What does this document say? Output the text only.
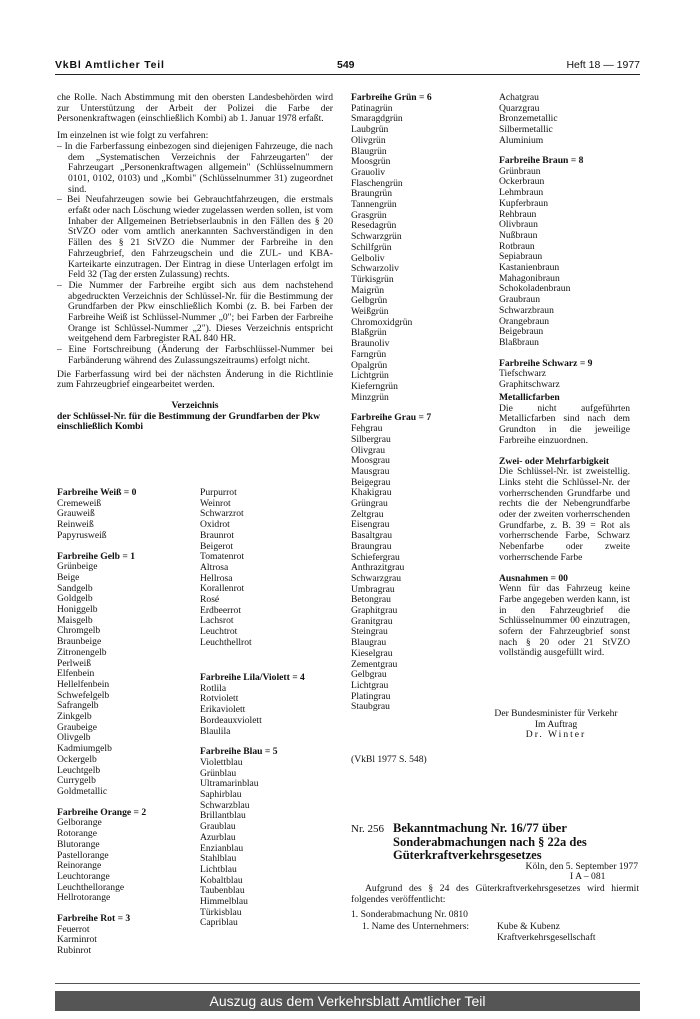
VkBl Amtlicher Teil	549	Heft 18 — 1977

che Rolle. Nach Abstimmung mit den obersten Landesbehörden wird zur Unterstützung der Arbeit der Polizei die Farbe der Personenkraftwagen (einschließlich Kombi) ab 1. Januar 1978 erfaßt.

Im einzelnen ist wie folgt zu verfahren:

– In die Farberfassung einbezogen sind diejenigen Fahrzeuge, die nach dem „Systematischen Verzeichnis der Fahrzeugarten" der Fahrzeugart „Personenkraftwagen allgemein" (Schlüsselnummern 0101, 0102, 0103) und „Kombi" (Schlüsselnummer 31) zugeordnet sind.

– Bei Neufahrzeugen sowie bei Gebrauchtfahrzeugen, die erstmals erfaßt oder nach Löschung wieder zugelassen werden sollen, ist vom Inhaber der Allgemeinen Betriebserlaubnis in den Fällen des § 20 StVZO oder vom amtlich anerkannten Sachverständigen in den Fällen des § 21 StVZO die Nummer der Farbreihe in den Fahrzeugbrief, den Fahrzeugschein und die ZUL- und KBA-Karteikarte einzutragen. Der Eintrag in diese Unterlagen erfolgt im Feld 32 (Tag der ersten Zulassung) rechts.

– Die Nummer der Farbreihe ergibt sich aus dem nachstehend abgedruckten Verzeichnis der Schlüssel-Nr. für die Bestimmung der Grundfarben der Pkw einschließlich Kombi (z. B. bei Farben der Farbreihe Weiß ist Schlüssel-Nummer „0"; bei Farben der Farbreihe Orange ist Schlüssel-Nummer „2"). Dieses Verzeichnis entspricht weitgehend dem Farbregister RAL 840 HR.

– Eine Fortschreibung (Änderung der Farbschlüssel-Nummer bei Farbänderung während des Zulassungszeitraums) erfolgt nicht.

Die Farberfassung wird bei der nächsten Änderung in die Richtlinie zum Fahrzeugbrief eingearbeitet werden.

Verzeichnis

der Schlüssel-Nr. für die Bestimmung der Grundfarben der Pkw einschließlich Kombi

Farbreihe Weiß = 0
Cremeweiß
Grauweiß
Reinweiß
Papyrusweiß
Farbreihe Gelb = 1
Grünbeige
Beige
Sandgelb
Goldgelb
Honiggelb
Maisgelb
Chromgelb
Braunbeige
Zitronengelb
Perlweiß
Elfenbein
Hellelfenbein
Schwefelgelb
Safrangelb
Zinkgelb
Graubeige
Olivgelb
Kadmiumgelb
Ockergelb
Leuchtgelb
Currygelb
Goldmetallic
Farbreihe Orange = 2
Gelborange
Rotorange
Blutorange
Pastellorange
Reinorange
Leuchtorange
Leuchthellorange
Hellrotorange
Farbreihe Rot = 3
Feuerrot
Karminrot
Rubinrot
Purpurrot
Weinrot
Schwarzrot
Oxidrot
Braunrot
Beigerot
Tomatenrot
Altrosa
Hellrosa
Korallenrot
Rosé
Erdbeerrot
Lachsrot
Leuchtrot
Leuchthellrot
Farbreihe Lila/Violett = 4
Rotlila
Rotviolett
Erikaviolett
Bordeauxviolett
Blaulila
Farbreihe Blau = 5
Violettblau
Grünblau
Ultramarinblau
Saphirblau
Schwarzblau
Brillantblau
Graublau
Azurblau
Enzianblau
Stahlblau
Lichtblau
Kobaltblau
Taubenblau
Himmelblau
Türkisblau
Capriblau
Farbreihe Grün = 6
Patinagrün
Smaragdgrün
Laubgrün
Olivgrün
Blaugrün
Moosgrün
Grauoliv
Flaschengrün
Braungrün
Tannengrün
Grasgrün
Resedagrün
Schwarzgrün
Schilfgrün
Gelboliv
Schwarzoliv
Türkisgrün
Maigrün
Gelbgrün
Weißgrün
Chromoxidgrün
Blaßgrün
Braunoliv
Farngrün
Opalgrün
Lichtgrün
Kieferngrün
Minzgrün
Farbreihe Grau = 7
Fehgrau
Silbergrau
Olivgrau
Moosgrau
Mausgrau
Beigegrau
Khakigrau
Grüngrau
Zeltgrau
Eisengrau
Basaltgrau
Braungrau
Schiefergrau
Anthrazitgrau
Schwarzgrau
Umbragrau
Betongrau
Graphitgrau
Granitgrau
Steingrau
Blaugrau
Kieselgrau
Zementgrau
Gelbgrau
Lichtgrau
Platingrau
Staubgrau
Achatgrau
Quarzgrau
Bronzemetallic
Silbermetallic
Aluminium
Farbreihe Braun = 8
Grünbraun
Ockerbraun
Lehmbraun
Kupferbraun
Rehbraun
Olivbraun
Nußbraun
Rotbraun
Sepiabraun
Kastanienbraun
Mahagonibraun
Schokoladenbraun
Graubraun
Schwarzbraun
Orangebraun
Beigebraun
Blaßbraun
Farbreihe Schwarz = 9
Tiefschwarz
Graphitschwarz
Metallicfarben
Die nicht aufgeführten Metallicfarben sind nach dem Grundton in die jeweilige Farbreihe einzuordnen.
Zwei- oder Mehrfarbigkeit
Die Schlüssel-Nr. ist zweistellig. Links steht die Schlüssel-Nr. der vorherrschenden Grundfarbe und rechts die der Nebengrundfarbe oder der zweiten vorherrschenden Grundfarbe, z. B. 39 = Rot als vorherrschende Farbe, Schwarz Nebenfarbe oder zweite vorherrschende Farbe
Ausnahmen = 00
Wenn für das Fahrzeug keine Farbe angegeben werden kann, ist in den Fahrzeugbrief die Schlüsselnummer 00 einzutragen, sofern der Fahrzeugbrief sonst nach § 20 oder 21 StVZO vollständig ausgefüllt wird.
Der Bundesminister für Verkehr
Im Auftrag
Dr. Winter
(VkBl 1977 S. 548)
Nr. 256 Bekanntmachung Nr. 16/77 über Sonderabmachungen nach § 22a des Güterkraftverkehrsgesetzes
Köln, den 5. September 1977
I A – 081
Aufgrund des § 24 des Güterkraftverkehrsgesetzes wird hiermit folgendes veröffentlicht:
1. Sonderabmachung Nr. 0810
1. Name des Unternehmers:	Kube & Kubenz
Kraftverkehrsgesellschaft
Auszug aus dem Verkehrsblatt Amtlicher Teil
